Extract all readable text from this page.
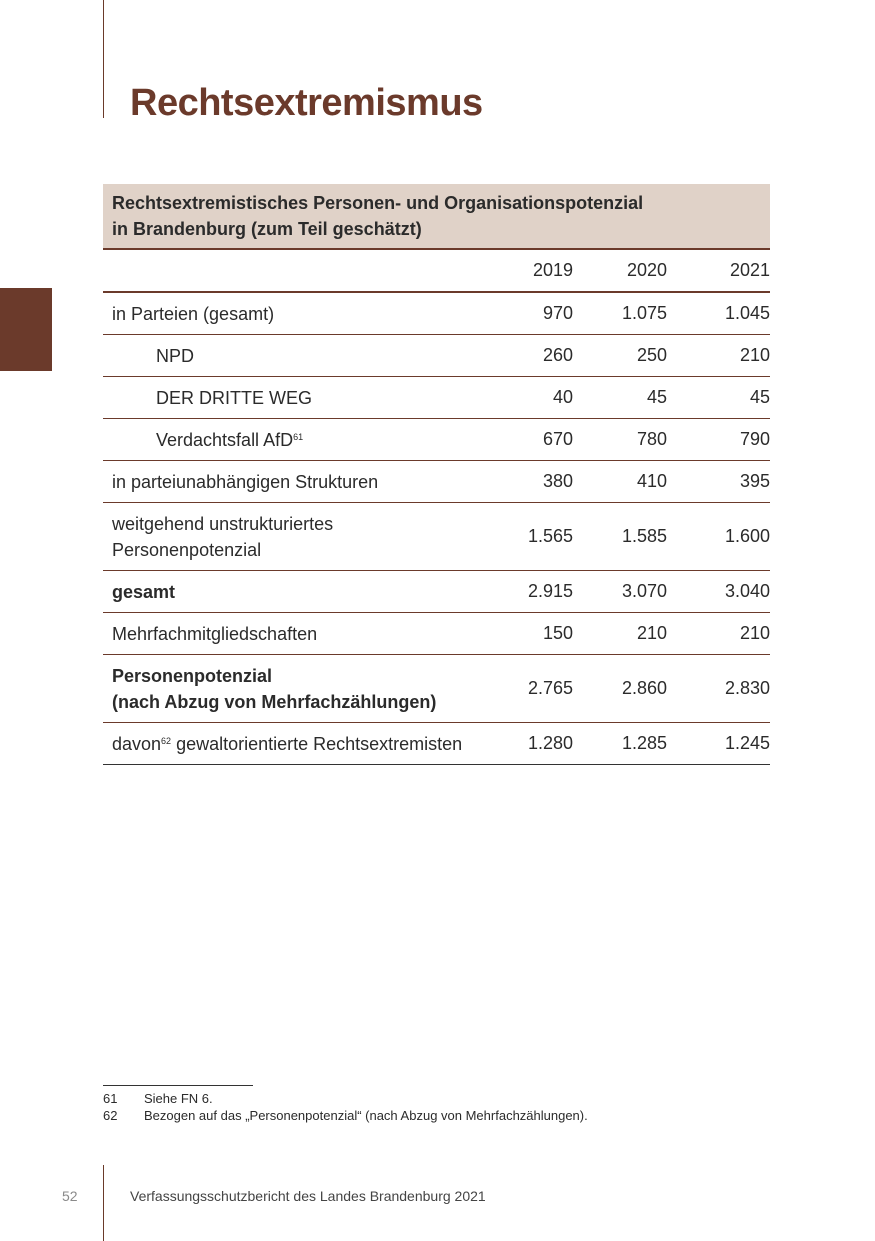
Rechtsextremismus
Rechtsextremistisches Personen- und Organisationspotenzial
in Brandenburg (zum Teil geschätzt)			

	2019	2020	2021
in Parteien (gesamt)	970	1.075	1.045
NPD	260	250	210
DER DRITTE WEG	40	45	45
Verdachtsfall AfD$^{61}$	670	780	790
in parteiunabhängigen Strukturen	380	410	395

weitgehend unstrukturiertes
Personenpotenzial	1.565	1.585	1.600
gesamt	2.915	3.070	3.040
Mehrfachmitgliedschaften	150	210	210

Personenpotenzial
(nach Abzug von Mehrfachzählungen)	2.765	2.860	2.830
davon$^{62}$ gewaltorientierte Rechtsextremisten	1.280	1.285	1.245
61	Siehe FN 6.
62	Bezogen auf das „Personenpotenzial“ (nach Abzug von Mehrfachzählungen).
52	Verfassungsschutzbericht des Landes Brandenburg 2021
